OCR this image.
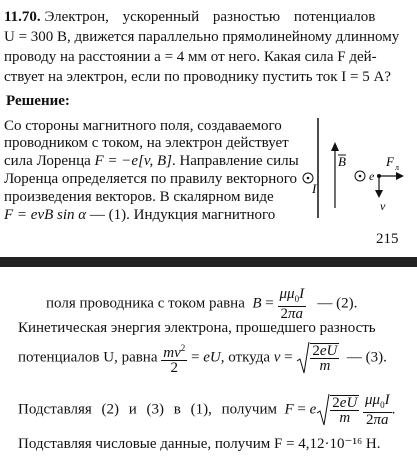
11.70. Электрон, ускоренный разностью потенциалов
U = 300 В, движется параллельно прямолинейному длинному
проводу на расстоянии a = 4 мм от него. Какая сила F дей-
ствует на электрон, если по проводнику пустить ток I = 5 А?
Решение:
Со стороны магнитного поля, создаваемого
проводником с током, на электрон действует
сила Лоренца F = −e[v, B]. Направление силы
Лоренца определяется по правилу векторного
произведения векторов. В скалярном виде
F = evB sin α — (1). Индукция магнитного
I
B
e
F л
v
215
поля проводника с током равна $B = \frac{\mu\mu_0I}{2\pi a}$ — (2).
Кинетическая энергия электрона, прошедшего разность
потенциалов U, равна $\frac{mv^2}{2}$ = eU, откуда $v = \frac{2eU}{m}$ — (3).
Подставляя (2) и (3) в (1), получим F = e $\frac{2eU}{m}$
$\frac{\mu\mu_0I}{2\pi a}$ .
Подставляя числовые данные, получим F = 4,12·10⁻¹⁶ Н.
